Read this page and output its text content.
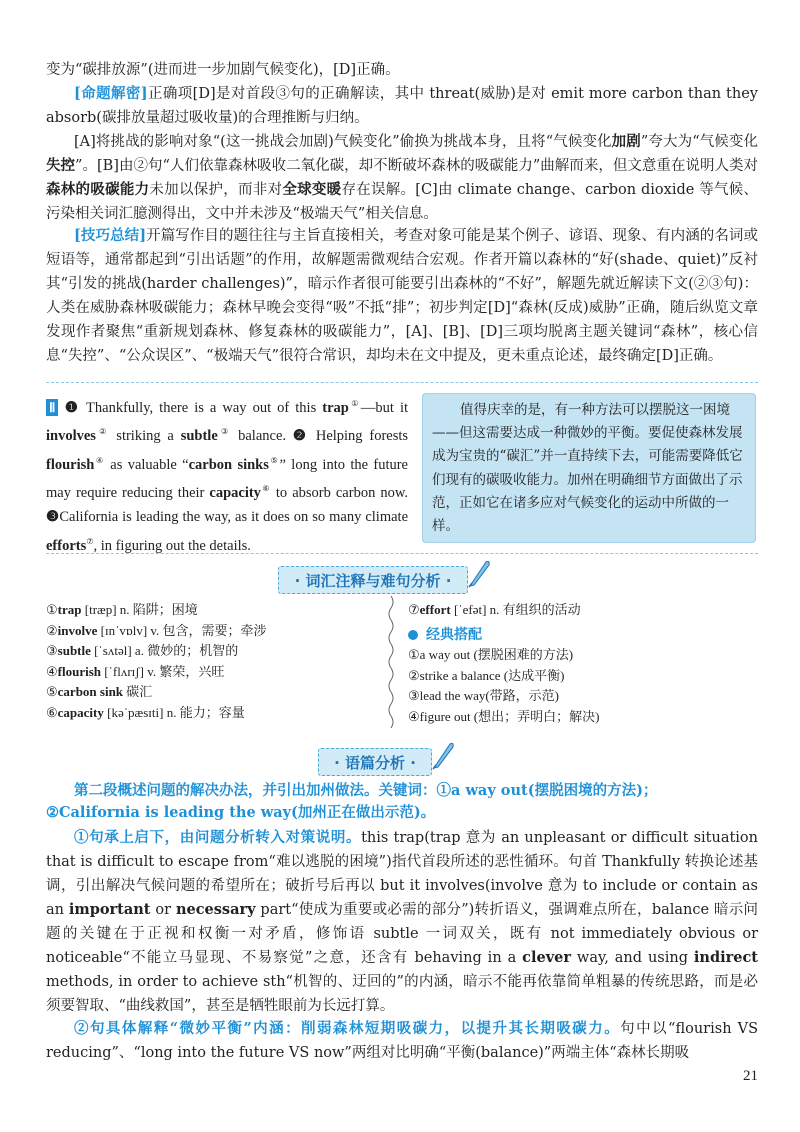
变为“碳排放源”(进而进一步加剧气候变化)，[D]正确。
[命题解密]正确项[D]是对首段③句的正确解读，其中 threat(威胁)是对 emit more carbon than they absorb(碳排放量超过吸收量)的合理推断与归纳。
[A]将挑战的影响对象“(这一挑战会加剧)气候变化”偷换为挑战本身，且将“气候变化加剧”夸大为“气候变化失控”。[B]由②句“人们依靠森林吸收二氧化碳，却不断破坏森林的吸碳能力”曲解而来，但文意重在说明人类对森林的吸碳能力未加以保护，而非对全球变暖存在误解。[C]由 climate change、carbon dioxide 等气候、污染相关词汇臆测得出，文中并未涉及“极端天气”相关信息。
[技巧总结]开篇写作目的题往往与主旨直接相关，考查对象可能是某个例子、谚语、现象、有内涵的名词或短语等，通常都起到“引出话题”的作用，故解题需微观结合宏观。作者开篇以森林的“好(shade、quiet)”反衬其“引发的挑战(harder challenges)”，暗示作者很可能要引出森林的“不好”，解题先就近解读下文(②③句)：人类在威胁森林吸碳能力；森林早晚会变得“吸”不抵“排”；初步判定[D]“森林(反成)威胁”正确，随后纵览文章发现作者聚焦“重新规划森林、修复森林的吸碳能力”，[A]、[B]、[D]三项均脱离主题关键词“森林”，核心信息“失控”、“公众误区”、“极端天气”很符合常识，却均未在文中提及，更未重点论述，最终确定[D]正确。
Ⅱ ❶ Thankfully, there is a way out of this trap①—but it involves② striking a subtle③ balance. ❷ Helping forests flourish④ as valuable “carbon sinks⑤” long into the future may require reducing their capacity⑥ to absorb carbon now. ❸California is leading the way, as it does on so many climate efforts⑦, in figuring out the details.
值得庆幸的是，有一种方法可以摆脱这一困境——但这需要达成一种微妙的平衡。要促使森林发展成为宝贵的“碳汇”并一直持续下去，可能需要降低它们现有的碳吸收能力。加州在明确细节方面做出了示范，正如它在诸多应对气候变化的运动中所做的一样。
· 词汇注释与难句分析 ·
①trap [træp] n. 陷阱；困境
②involve [ɪnˈvɒlv] v. 包含，需要；牵涉
③subtle [ˈsʌtəl] a. 微妙的；机智的
④flourish [ˈflʌrɪʃ] v. 繁荣，兴旺
⑤carbon sink 碳汇
⑥capacity [kəˈpæsɪti] n. 能力；容量
⑦effort [ˈefət] n. 有组织的活动
经典搭配
①a way out (摆脱困难的方法)
②strike a balance (达成平衡)
③lead the way(带路，示范)
④figure out (想出；弄明白；解决)
· 语篇分析 ·
第二段概述问题的解决办法，并引出加州做法。关键词：①a way out(摆脱困境的方法)；

②California is leading the way(加州正在做出示范)。
①句承上启下，由问题分析转入对策说明。this trap(trap 意为 an unpleasant or difficult situation that is difficult to escape from“难以逃脱的困境”)指代首段所述的恶性循环。句首 Thankfully 转换论述基调，引出解决气候问题的希望所在；破折号后再以 but it involves(involve 意为 to include or contain as an important or necessary part“使成为重要或必需的部分”)转折语义，强调难点所在，balance 暗示问题的关键在于正视和权衡一对矛盾，修饰语 subtle 一词双关，既有 not immediately obvious or noticeable“不能立马显现、不易察觉”之意，还含有 behaving in a clever way, and using indirect methods, in order to achieve sth“机智的、迂回的”的内涵，暗示不能再依靠简单粗暴的传统思路，而是必须要智取、“曲线救国”，甚至是牺牲眼前为长远打算。
②句具体解释“微妙平衡”内涵：削弱森林短期吸碳力，以提升其长期吸碳力。句中以“flourish VS reducing”、“long into the future VS now”两组对比明确“平衡(balance)”两端主体“森林长期吸
21
